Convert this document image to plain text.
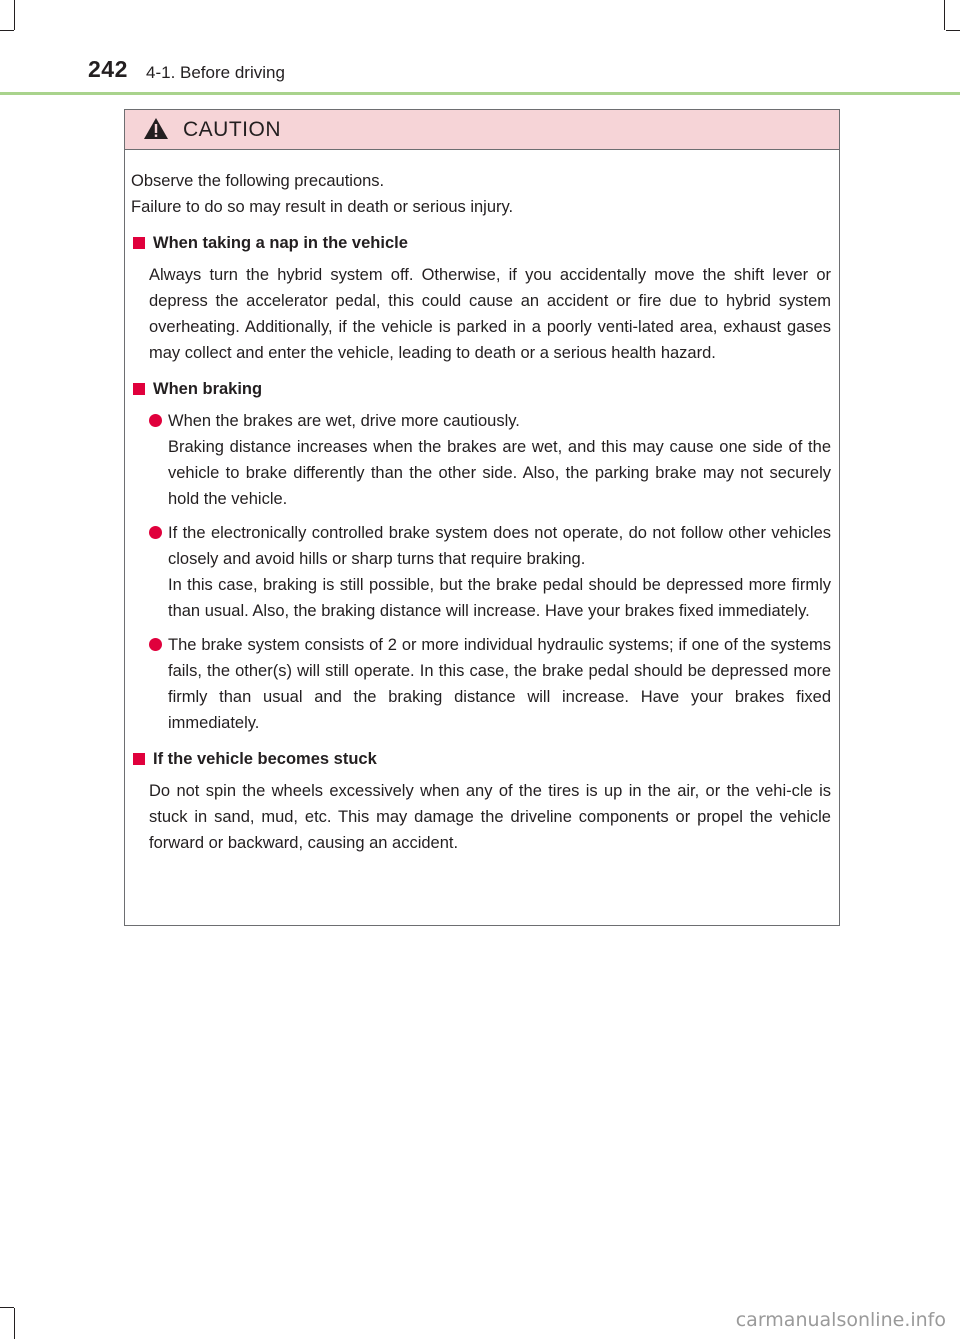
242 4-1. Before driving
CAUTION
Observe the following precautions.
Failure to do so may result in death or serious injury.
When taking a nap in the vehicle
Always turn the hybrid system off. Otherwise, if you accidentally move the shift lever or depress the accelerator pedal, this could cause an accident or fire due to hybrid system overheating. Additionally, if the vehicle is parked in a poorly venti-lated area, exhaust gases may collect and enter the vehicle, leading to death or a serious health hazard.
When braking
When the brakes are wet, drive more cautiously.
Braking distance increases when the brakes are wet, and this may cause one side of the vehicle to brake differently than the other side. Also, the parking brake may not securely hold the vehicle.
If the electronically controlled brake system does not operate, do not follow other vehicles closely and avoid hills or sharp turns that require braking.
In this case, braking is still possible, but the brake pedal should be depressed more firmly than usual. Also, the braking distance will increase. Have your brakes fixed immediately.
The brake system consists of 2 or more individual hydraulic systems; if one of the systems fails, the other(s) will still operate. In this case, the brake pedal should be depressed more firmly than usual and the braking distance will increase. Have your brakes fixed immediately.
If the vehicle becomes stuck
Do not spin the wheels excessively when any of the tires is up in the air, or the vehi-cle is stuck in sand, mud, etc. This may damage the driveline components or propel the vehicle forward or backward, causing an accident.
carmanualsonline.info
